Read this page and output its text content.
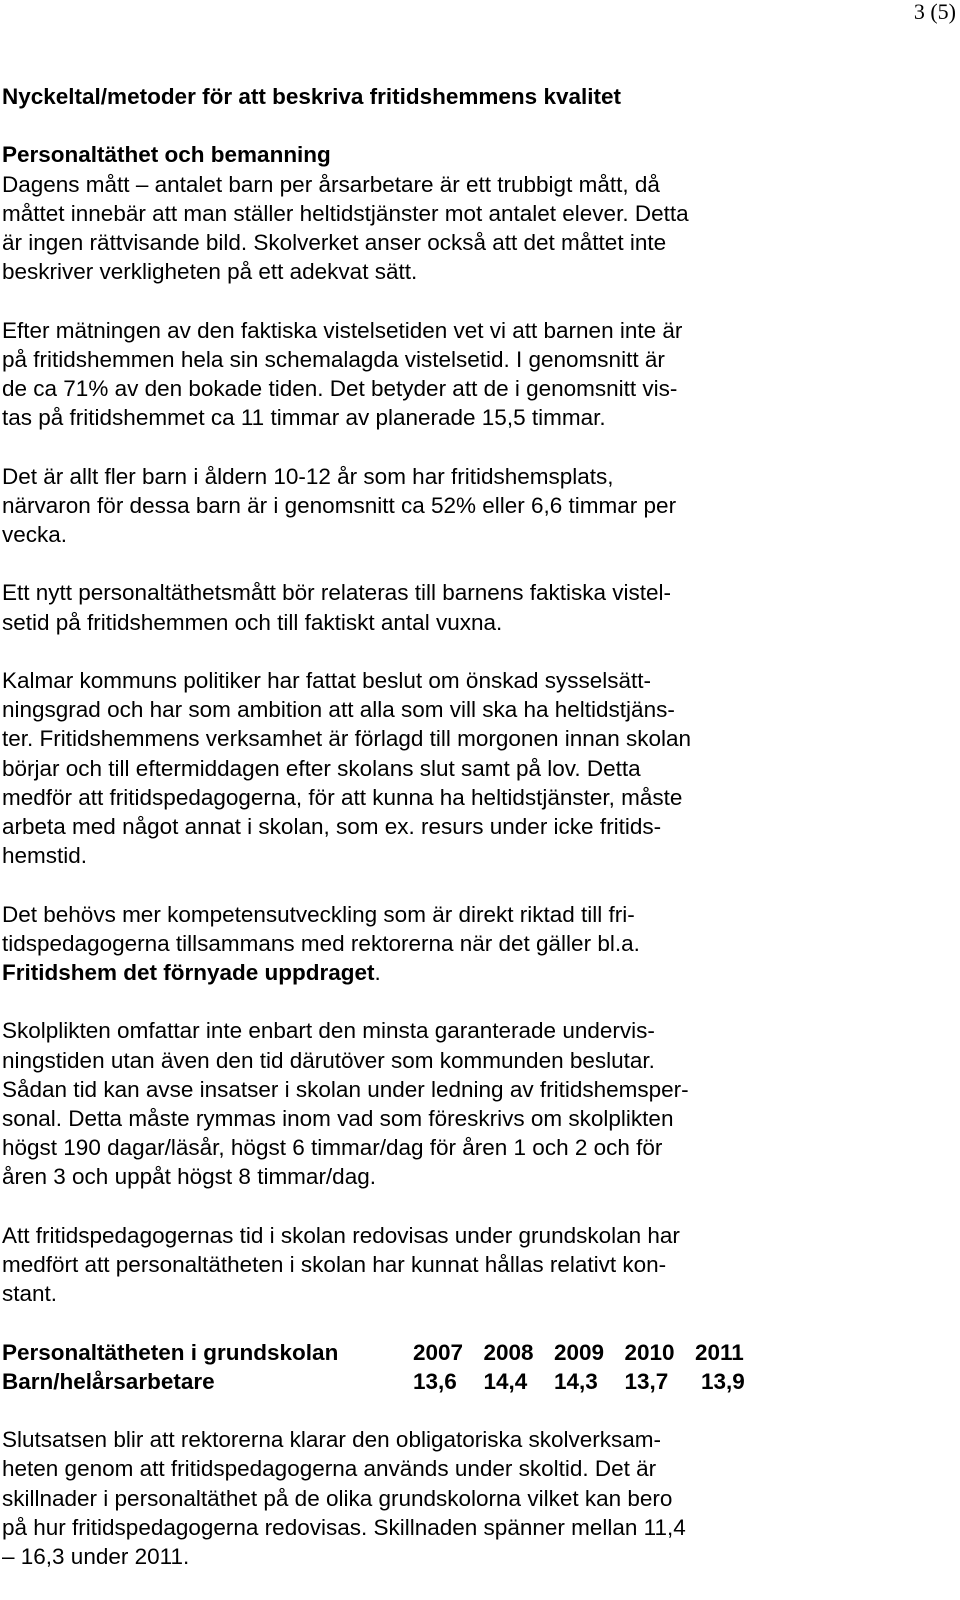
3 (5)
Nyckeltal/metoder för att beskriva fritidshemmens kvalitet
Personaltäthet och bemanning

Dagens mått – antalet barn per årsarbetare är ett trubbigt mått, då
måttet innebär att man ställer heltidstjänster mot antalet elever. Detta
är ingen rättvisande bild. Skolverket anser också att det måttet inte
beskriver verkligheten på ett adekvat sätt.

Efter mätningen av den faktiska vistelsetiden vet vi att barnen inte är
på fritidshemmen hela sin schemalagda vistelsetid. I genomsnitt är
de ca 71% av den bokade tiden. Det betyder att de i genomsnitt vis-
tas på fritidshemmet ca 11 timmar av planerade 15,5 timmar.

Det är allt fler barn i åldern 10-12 år som har fritidshemsplats,
närvaron för dessa barn är i genomsnitt ca 52% eller 6,6 timmar per
vecka.

Ett nytt personaltäthetsmått bör relateras till barnens faktiska vistel-
setid på fritidshemmen och till faktiskt antal vuxna.

Kalmar kommuns politiker har fattat beslut om önskad sysselsätt-
ningsgrad och har som ambition att alla som vill ska ha heltidstjäns-
ter. Fritidshemmens verksamhet är förlagd till morgonen innan skolan
börjar och till eftermiddagen efter skolans slut samt på lov. Detta
medför att fritidspedagogerna, för att kunna ha heltidstjänster, måste
arbeta med något annat i skolan, som ex. resurs under icke fritids-
hemstid.

Det behövs mer kompetensutveckling som är direkt riktad till fri-
tidspedagogerna tillsammans med rektorerna när det gäller bl.a.
Fritidshem det förnyade uppdraget.

Skolplikten omfattar inte enbart den minsta garanterade undervis-
ningstiden utan även den tid därutöver som kommunden beslutar.
Sådan tid kan avse insatser i skolan under ledning av fritidshemsper-
sonal. Detta måste rymmas inom vad som föreskrivs om skolplikten
högst 190 dagar/läsår, högst 6 timmar/dag för åren 1 och 2 och för
åren 3 och uppåt högst 8 timmar/dag.

Att fritidspedagogernas tid i skolan redovisas under grundskolan har
medfört att personaltätheten i skolan har kunnat hållas relativt kon-
stant.

Personaltätheten i grundskolan	2007	2008	2009	2010	2011
Barn/helårsarbetare	13,6	14,4	14,3	13,7	13,9

Slutsatsen blir att rektorerna klarar den obligatoriska skolverksam-
heten genom att fritidspedagogerna används under skoltid. Det är
skillnader i personaltäthet på de olika grundskolorna vilket kan bero
på hur fritidspedagogerna redovisas. Skillnaden spänner mellan 11,4
– 16,3 under 2011.
